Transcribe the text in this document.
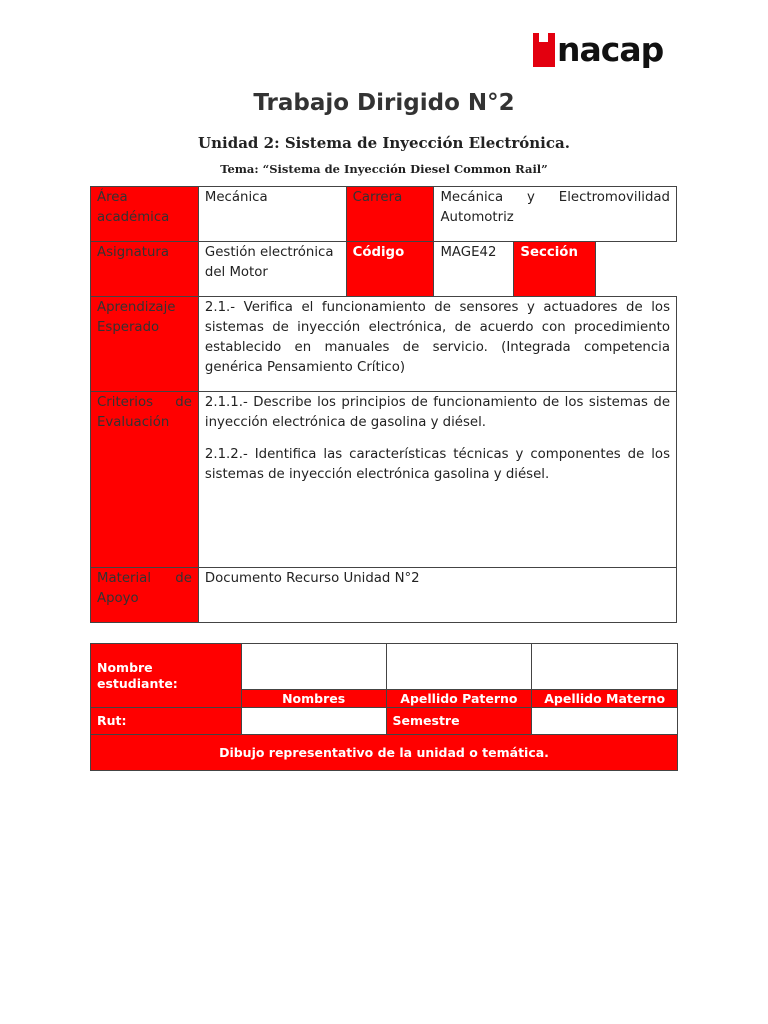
nacap
Trabajo Dirigido N°2
Unidad 2: Sistema de Inyección Electrónica.
Tema: “Sistema de Inyección Diesel Common Rail”
Área académica	Mecánica	Carrera	Mecánica y Electromovilidad Automotriz		
Asignatura	Gestión electrónica del Motor	Código	MAGE42	Sección	
Aprendizaje Esperado	2.1.- Verifica el funcionamiento de sensores y actuadores de los sistemas de inyección electrónica, de acuerdo con procedimiento establecido en manuales de servicio. (Integrada competencia genérica Pensamiento Crítico)				
Criterios de Evaluación	2.1.1.- Describe los principios de funcionamiento de los sistemas de inyección electrónica de gasolina y diésel.

2.1.2.- Identifica las características técnicas y componentes de los sistemas de inyección electrónica gasolina y diésel.				

Material de Apoyo	Documento Recurso Unidad N°2				
Nombre estudiante:			
	Nombres	Apellido Paterno	Apellido Materno
Rut:		Semestre	
Dibujo representativo de la unidad o temática.			
